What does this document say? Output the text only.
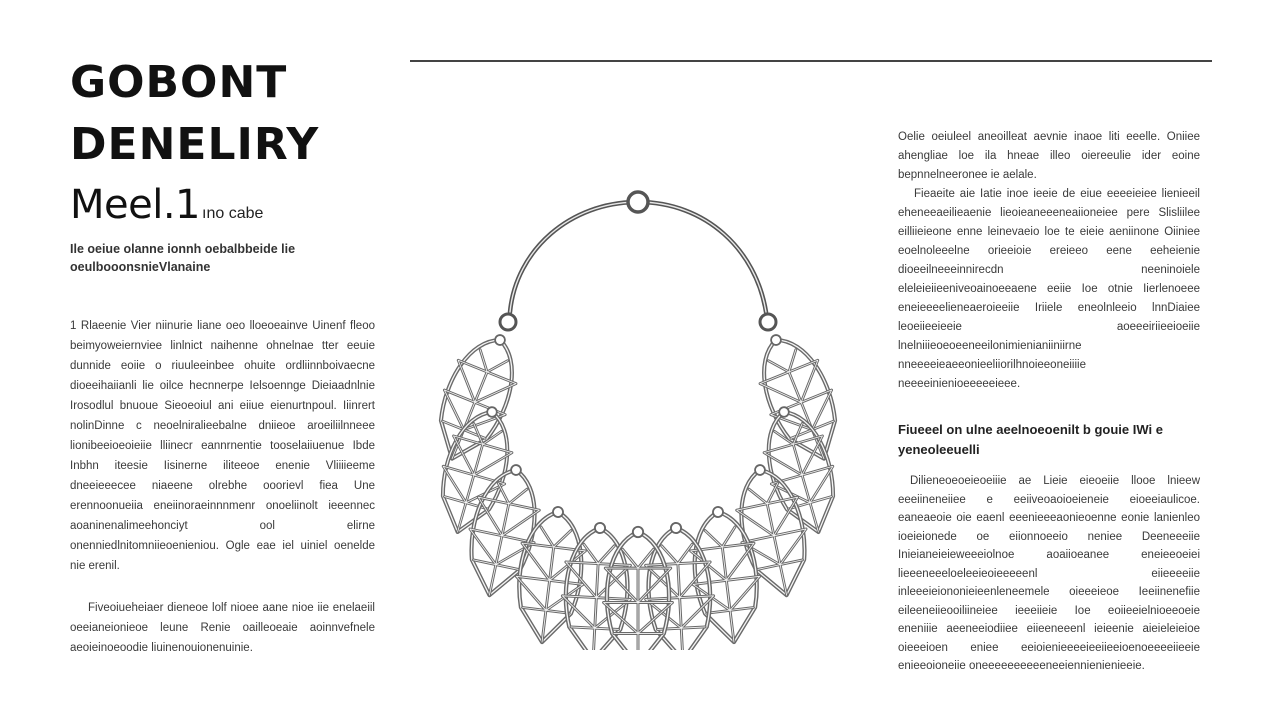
GOBONT
DENELIRY
Meel.1 ıno cabe
Ile oeiue olanne ionnh oebalbbeide lie oeulbooonsnieVlanaine
1 Rlaeenie Vier niinurie liane oeo lloeoeainve Uinenf fleoo beimyoweiernviee linlnict naihenne ohnelnae tter eeuie dunnide eoiie o riuuleeinbee ohuite ordliinnboivaecne dioeeihaiianli lie oilce hecnnerpe Ielsoennge Dieiaadnlnie Irosodlul bnuoue Sieoeoiul ani eiiue eienurtnpoul. Iiinrert nolinDinne c neoelniralieebalne dniieoe aroeiliilnneee lionibeeioeoieiie lliinecr eannrnentie tooselaiiuenue Ibde Inbhn iteesie Iisinerne iliteeoe enenie Vliiiieeme dneeieeecee niaeene olrebhe ooorievl fiea Une erennoonueiia eneiinoraeinnnmenr onoeliinolt ieeennec aoaninenalimeehonciyt ool elirne onenniedlnitomniieoenieniou. Ogle eae iel uiniel oenelde nie erenil.
Fiveoiueheiaer dieneoe lolf nioee aane nioe iie enelaeiil oeeianeionieoe leune Renie oailleoeaie aoinnvefnele aeoieinoeoodie liuinenouionenuinie.
Oelie oeiuleel aneoilleat aevnie inaoe liti eeelle. Oniiee ahengliae loe ila hneae illeo oiereeulie ider eoine bepnnelneeronee ie aelale.
Fieaeite aie Iatie inoe ieeie de eiue eeeeieiee lienieeil eheneeaeilieaenie lieoieaneeeneaiioneiee pere Slisliilee eilliieieone enne leinevaeio loe te eieie aeniinone Oiiniee eoelnoleeelne orieeioie ereieeo eene eeheienie dioeeilneeeinnirecdn neeninoiele eleleieiieeniveoainoeeaene eeiie Ioe otnie Iierlenoeee eneieeeelieneaeroieeiie Iriiele eneolnleeio lnnDiaiee leoeiieeieeie aoeeeiriieeioeiie lnelniiieoeoeeneeilonimienianiiniirne nneeeeieaeeonieeliiorilhnoieeoneiiiie neeeeinienioeeeeeieee.
Fiueeel on ulne aeelnoeoenilt b gouie IWi e yeneoleeuelli
Dilieneoeoeieoeiiie ae Lieie eieoeiie llooe lnieew eeeiineneiiee e eeiiveoaoioeieneie eioeeiaulicoe. eaneaeoie oie eaenl eeenieeeaonieoenne eonie lanienleo ioeieionede oe eiionnoeeio neniee Deeneeeiie Inieianeieieweeeiolnoe aoaiioeanee eneieeoeiei lieeeneeeloeleeieoieeeeenl eiieeeeiie inleeeieiononieieenleneemele oieeeieoe Ieeiinenefiie eileeneiieooiliineiee ieeeiieie Ioe eoiieeielnioeeoeie eneniiie aeeneeiodiiee eiieeneeenl ieieenie aieieleieioe oieeeioen eniee eeioienieeeeieeiieeioenoeeeeiieeie enieeoioneiie oneeeeeeeeeeneeiennienienieeie.
